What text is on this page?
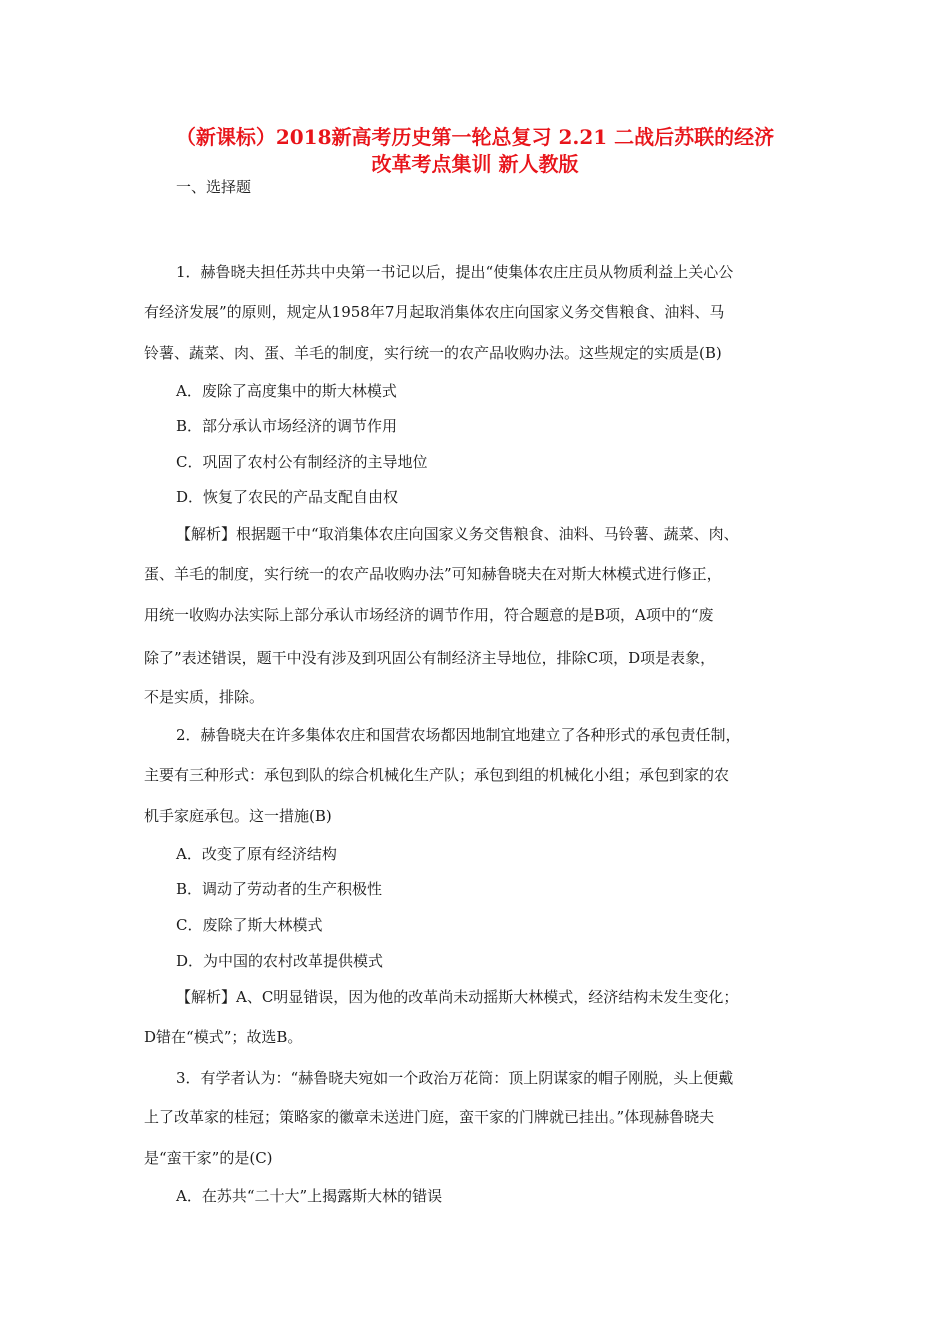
（新课标）2018新高考历史第一轮总复习 2.21 二战后苏联的经济
改革考点集训 新人教版
一、选择题
1．赫鲁晓夫担任苏共中央第一书记以后，提出“使集体农庄庄员从物质利益上关心公
有经济发展”的原则，规定从1958年7月起取消集体农庄向国家义务交售粮食、油料、马
铃薯、蔬菜、肉、蛋、羊毛的制度，实行统一的农产品收购办法。这些规定的实质是(B)
A．废除了高度集中的斯大林模式
B．部分承认市场经济的调节作用
C．巩固了农村公有制经济的主导地位
D．恢复了农民的产品支配自由权
【解析】根据题干中“取消集体农庄向国家义务交售粮食、油料、马铃薯、蔬菜、肉、
蛋、羊毛的制度，实行统一的农产品收购办法”可知赫鲁晓夫在对斯大林模式进行修正，
用统一收购办法实际上部分承认市场经济的调节作用，符合题意的是B项，A项中的“废
除了”表述错误，题干中没有涉及到巩固公有制经济主导地位，排除C项，D项是表象，
不是实质，排除。
2．赫鲁晓夫在许多集体农庄和国营农场都因地制宜地建立了各种形式的承包责任制，
主要有三种形式：承包到队的综合机械化生产队；承包到组的机械化小组；承包到家的农
机手家庭承包。这一措施(B)
A．改变了原有经济结构
B．调动了劳动者的生产积极性
C．废除了斯大林模式
D．为中国的农村改革提供模式
【解析】A、C明显错误，因为他的改革尚未动摇斯大林模式，经济结构未发生变化；
D错在“模式”；故选B。
3．有学者认为：“赫鲁晓夫宛如一个政治万花筒：顶上阴谋家的帽子刚脱，头上便戴
上了改革家的桂冠；策略家的徽章未送进门庭，蛮干家的门牌就已挂出。”体现赫鲁晓夫
是“蛮干家”的是(C)
A．在苏共“二十大”上揭露斯大林的错误
